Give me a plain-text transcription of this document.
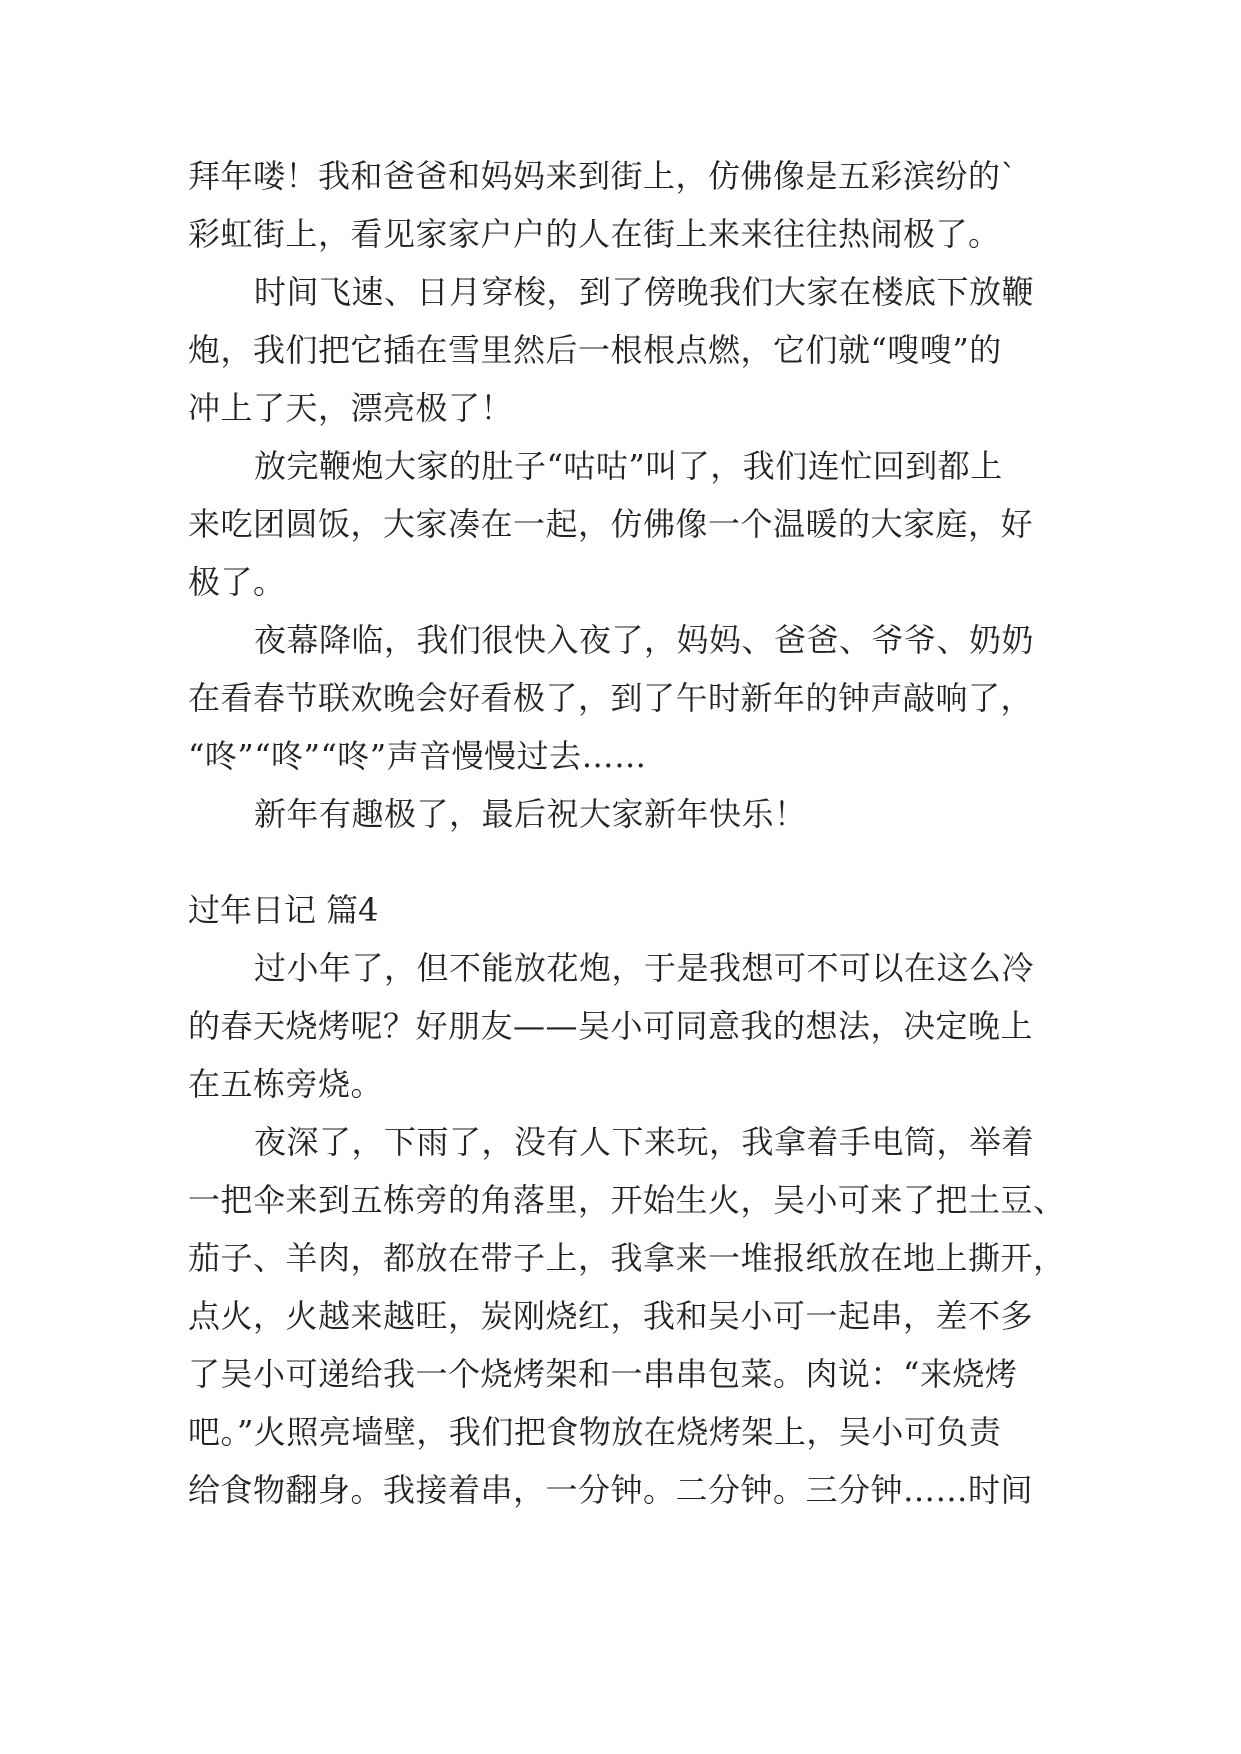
拜年喽！我和爸爸和妈妈来到街上，仿佛像是五彩滨纷的`
彩虹街上，看见家家户户的人在街上来来往往热闹极了。
时间飞速、日月穿梭，到了傍晚我们大家在楼底下放鞭
炮，我们把它插在雪里然后一根根点燃，它们就“嗖嗖”的
冲上了天，漂亮极了！
放完鞭炮大家的肚子“咕咕”叫了，我们连忙回到都上
来吃团圆饭，大家凑在一起，仿佛像一个温暖的大家庭，好
极了。
夜幕降临，我们很快入夜了，妈妈、爸爸、爷爷、奶奶
在看春节联欢晚会好看极了，到了午时新年的钟声敲响了，
“咚”“咚”“咚”声音慢慢过去……
新年有趣极了，最后祝大家新年快乐！
过年日记 篇4
过小年了，但不能放花炮，于是我想可不可以在这么冷
的春天烧烤呢？好朋友——吴小可同意我的想法，决定晚上
在五栋旁烧。
夜深了，下雨了，没有人下来玩，我拿着手电筒，举着
一把伞来到五栋旁的角落里，开始生火，吴小可来了把土豆、
茄子、羊肉，都放在带子上，我拿来一堆报纸放在地上撕开，
点火，火越来越旺，炭刚烧红，我和吴小可一起串，差不多
了吴小可递给我一个烧烤架和一串串包菜。肉说：“来烧烤
吧。”火照亮墙壁，我们把食物放在烧烤架上，吴小可负责
给食物翻身。我接着串，一分钟。二分钟。三分钟……时间
